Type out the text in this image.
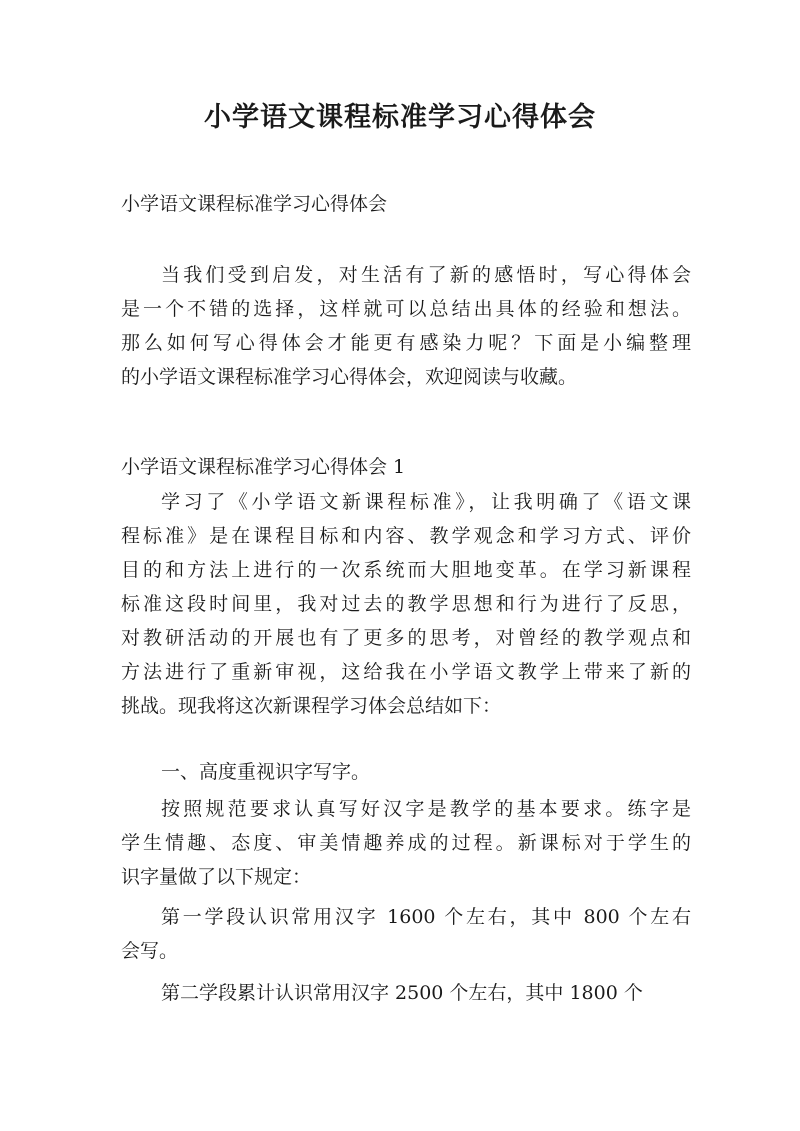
小学语文课程标准学习心得体会
小学语文课程标准学习心得体会
当我们受到启发，对生活有了新的感悟时，写心得体会
是一个不错的选择，这样就可以总结出具体的经验和想法。
那么如何写心得体会才能更有感染力呢？下面是小编整理
的小学语文课程标准学习心得体会，欢迎阅读与收藏。
小学语文课程标准学习心得体会 1
学习了《小学语文新课程标准》，让我明确了《语文课
程标准》是在课程目标和内容、教学观念和学习方式、评价
目的和方法上进行的一次系统而大胆地变革。在学习新课程
标准这段时间里，我对过去的教学思想和行为进行了反思，
对教研活动的开展也有了更多的思考，对曾经的教学观点和
方法进行了重新审视，这给我在小学语文教学上带来了新的
挑战。现我将这次新课程学习体会总结如下：
一、高度重视识字写字。
按照规范要求认真写好汉字是教学的基本要求。练字是
学生情趣、态度、审美情趣养成的过程。新课标对于学生的
识字量做了以下规定：
第一学段认识常用汉字 1600 个左右，其中 800 个左右
会写。
第二学段累计认识常用汉字 2500 个左右，其中 1800 个
